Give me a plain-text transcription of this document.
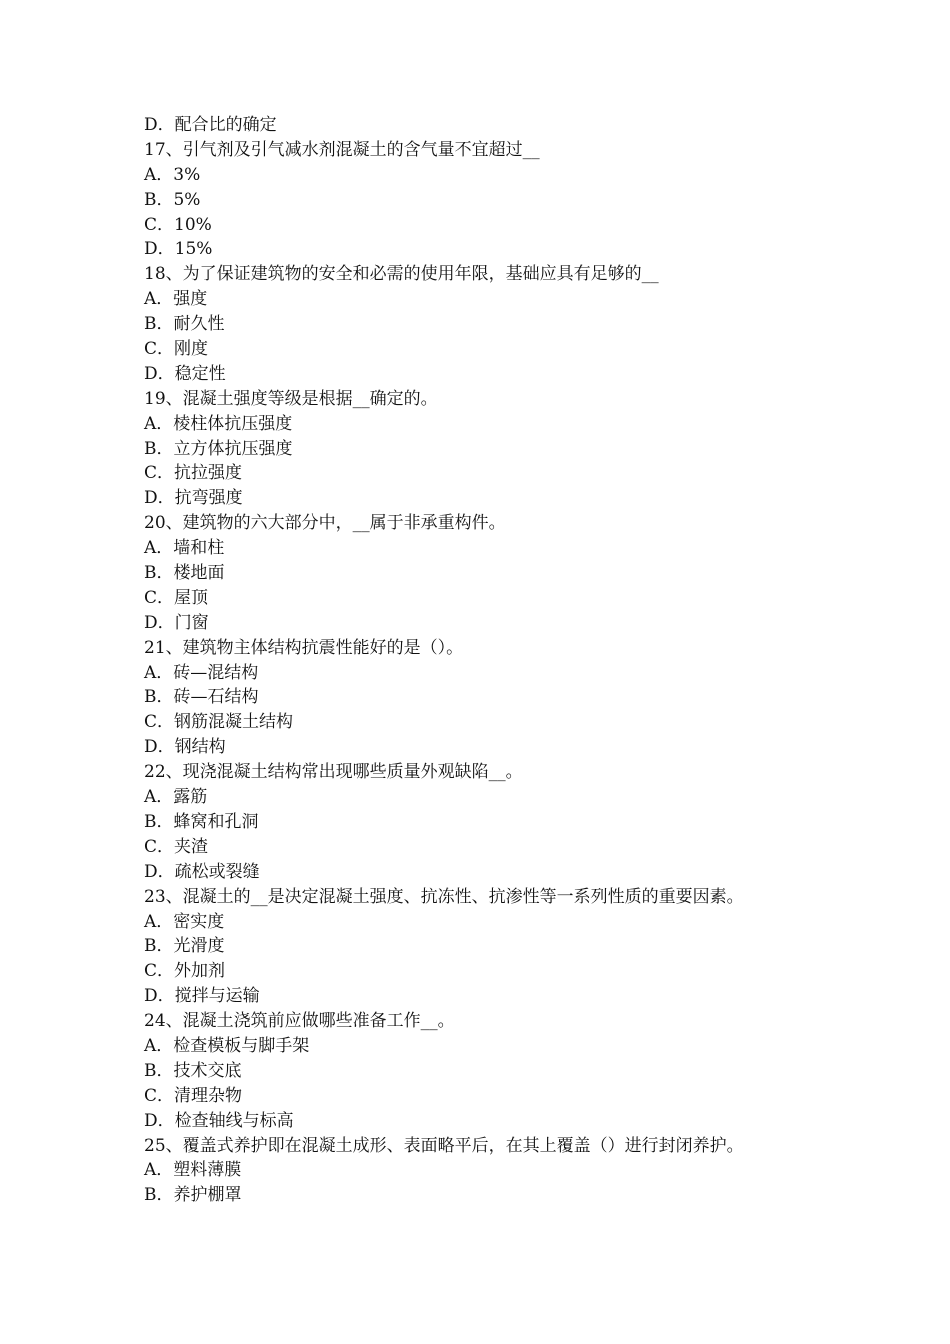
D．配合比的确定
17、引气剂及引气减水剂混凝土的含气量不宜超过__
A．3%
B．5%
C．10%
D．15%
18、为了保证建筑物的安全和必需的使用年限，基础应具有足够的__
A．强度
B．耐久性
C．刚度
D．稳定性
19、混凝土强度等级是根据__确定的。
A．棱柱体抗压强度
B．立方体抗压强度
C．抗拉强度
D．抗弯强度
20、建筑物的六大部分中，__属于非承重构件。
A．墙和柱
B．楼地面
C．屋顶
D．门窗
21、建筑物主体结构抗震性能好的是（）。
A．砖—混结构
B．砖—石结构
C．钢筋混凝土结构
D．钢结构
22、现浇混凝土结构常出现哪些质量外观缺陷__。
A．露筋
B．蜂窝和孔洞
C．夹渣
D．疏松或裂缝
23、混凝土的__是决定混凝土强度、抗冻性、抗渗性等一系列性质的重要因素。
A．密实度
B．光滑度
C．外加剂
D．搅拌与运输
24、混凝土浇筑前应做哪些准备工作__。
A．检查模板与脚手架
B．技术交底
C．清理杂物
D．检查轴线与标高
25、覆盖式养护即在混凝土成形、表面略平后，在其上覆盖（）进行封闭养护。
A．塑料薄膜
B．养护棚罩
